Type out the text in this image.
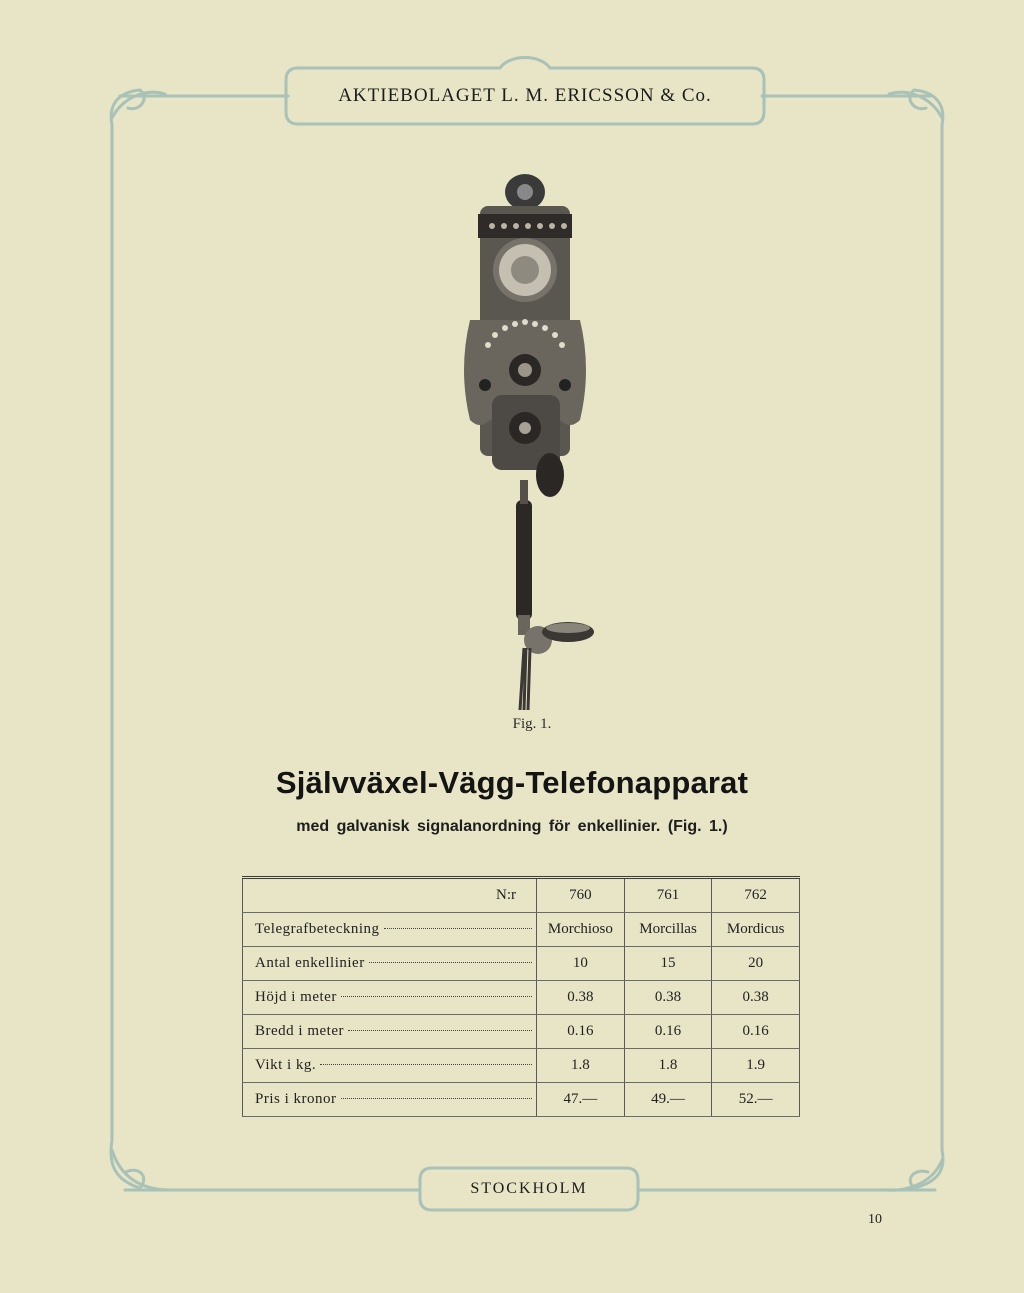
AKTIEBOLAGET L. M. ERICSSON & Co.
Fig. 1.
Självväxel-Vägg-Telefonapparat
med galvanisk signalanordning för enkellinier. (Fig. 1.)
N:r	760	761	762

Telegrafbeteckning	Morchioso	Morcillas	Mordicus

Antal enkellinier	10	15	20

Höjd i meter	0.38	0.38	0.38

Bredd i meter	0.16	0.16	0.16

Vikt i kg.	1.8	1.8	1.9

Pris i kronor	47.—	49.—	52.—
STOCKHOLM
10
